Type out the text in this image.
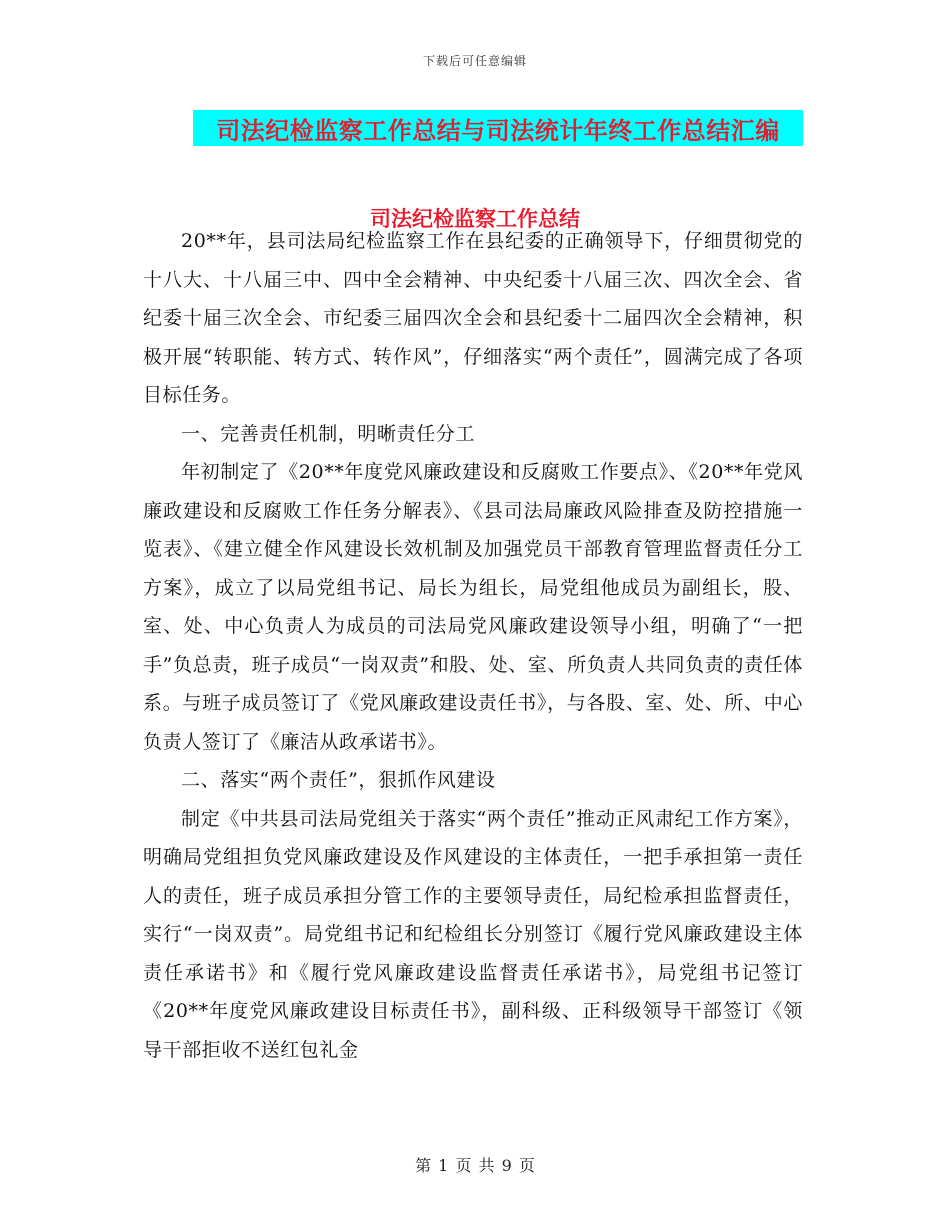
下载后可任意编辑
司法纪检监察工作总结与司法统计年终工作总结汇编
司法纪检监察工作总结

20**年，县司法局纪检监察工作在县纪委的正确领导下，仔细贯彻党的十八大、十八届三中、四中全会精神、中央纪委十八届三次、四次全会、省纪委十届三次全会、市纪委三届四次全会和县纪委十二届四次全会精神，积极开展“转职能、转方式、转作风”，仔细落实“两个责任”，圆满完成了各项目标任务。

一、完善责任机制，明晰责任分工

年初制定了《20**年度党风廉政建设和反腐败工作要点》、《20**年党风廉政建设和反腐败工作任务分解表》、《县司法局廉政风险排查及防控措施一览表》、《建立健全作风建设长效机制及加强党员干部教育管理监督责任分工方案》，成立了以局党组书记、局长为组长，局党组他成员为副组长，股、室、处、中心负责人为成员的司法局党风廉政建设领导小组，明确了“一把手”负总责，班子成员“一岗双责”和股、处、室、所负责人共同负责的责任体系。与班子成员签订了《党风廉政建设责任书》，与各股、室、处、所、中心负责人签订了《廉洁从政承诺书》。

二、落实“两个责任”，狠抓作风建设

制定《中共县司法局党组关于落实“两个责任”推动正风肃纪工作方案》，明确局党组担负党风廉政建设及作风建设的主体责任，一把手承担第一责任人的责任，班子成员承担分管工作的主要领导责任，局纪检承担监督责任，实行“一岗双责”。局党组书记和纪检组长分别签订《履行党风廉政建设主体责任承诺书》和《履行党风廉政建设监督责任承诺书》，局党组书记签订《20**年度党风廉政建设目标责任书》，副科级、正科级领导干部签订《领导干部拒收不送红包礼金

第 1 页 共 9 页
